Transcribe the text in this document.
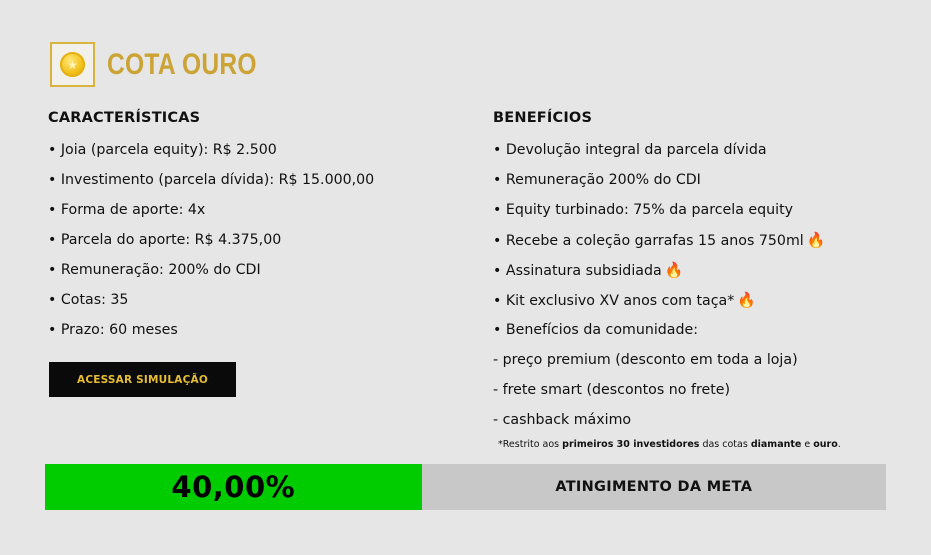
★ COTA OURO
CARACTERÍSTICAS
• Joia (parcela equity): R$ 2.500
• Investimento (parcela dívida): R$ 15.000,00
• Forma de aporte: 4x
• Parcela do aporte: R$ 4.375,00
• Remuneração: 200% do CDI
• Cotas: 35
• Prazo: 60 meses
ACESSAR SIMULAÇÃO
BENEFÍCIOS
• Devolução integral da parcela dívida
• Remuneração 200% do CDI
• Equity turbinado: 75% da parcela equity
• Recebe a coleção garrafas 15 anos 750ml 🔥
• Assinatura subsidiada 🔥
• Kit exclusivo XV anos com taça* 🔥
• Benefícios da comunidade:
- preço premium (desconto em toda a loja)
- frete smart (descontos no frete)
- cashback máximo
*Restrito aos primeiros 30 investidores das cotas diamante e ouro.
40,00%	ATINGIMENTO DA META
